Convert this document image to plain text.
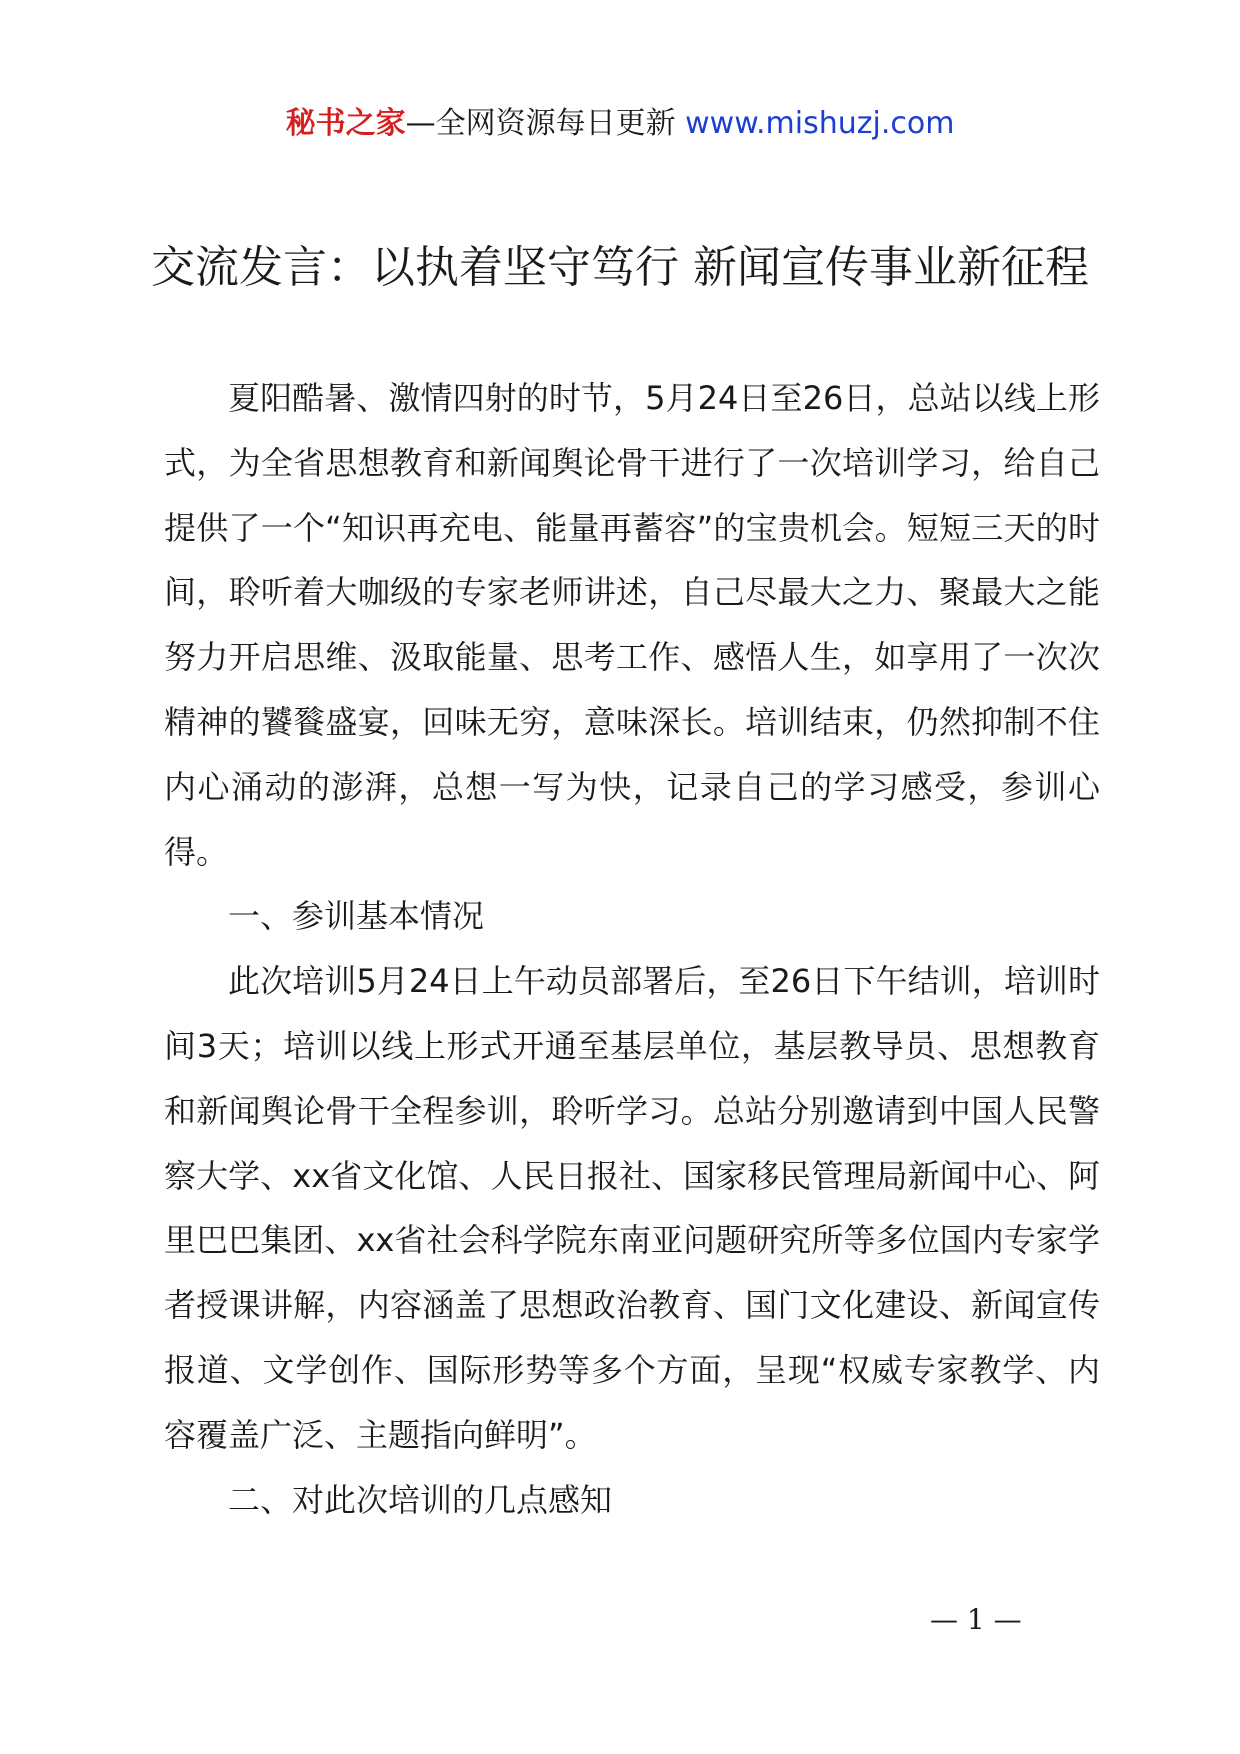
秘书之家—全网资源每日更新 www.mishuzj.com
交流发言：以执着坚守笃行 新闻宣传事业新征程

夏阳酷暑、激情四射的时节，5月24日至26日，总站以线上形式，为全省思想教育和新闻舆论骨干进行了一次培训学习，给自己提供了一个“知识再充电、能量再蓄容”的宝贵机会。短短三天的时间，聆听着大咖级的专家老师讲述，自己尽最大之力、聚最大之能努力开启思维、汲取能量、思考工作、感悟人生，如享用了一次次精神的饕餮盛宴，回味无穷，意味深长。培训结束，仍然抑制不住内心涌动的澎湃，总想一写为快，记录自己的学习感受，参训心得。

一、参训基本情况

此次培训5月24日上午动员部署后，至26日下午结训，培训时间3天；培训以线上形式开通至基层单位，基层教导员、思想教育和新闻舆论骨干全程参训，聆听学习。总站分别邀请到中国人民警察大学、xx省文化馆、人民日报社、国家移民管理局新闻中心、阿里巴巴集团、xx省社会科学院东南亚问题研究所等多位国内专家学者授课讲解，内容涵盖了思想政治教育、国门文化建设、新闻宣传报道、文学创作、国际形势等多个方面，呈现“权威专家教学、内容覆盖广泛、主题指向鲜明”。

二、对此次培训的几点感知

— 1 —
